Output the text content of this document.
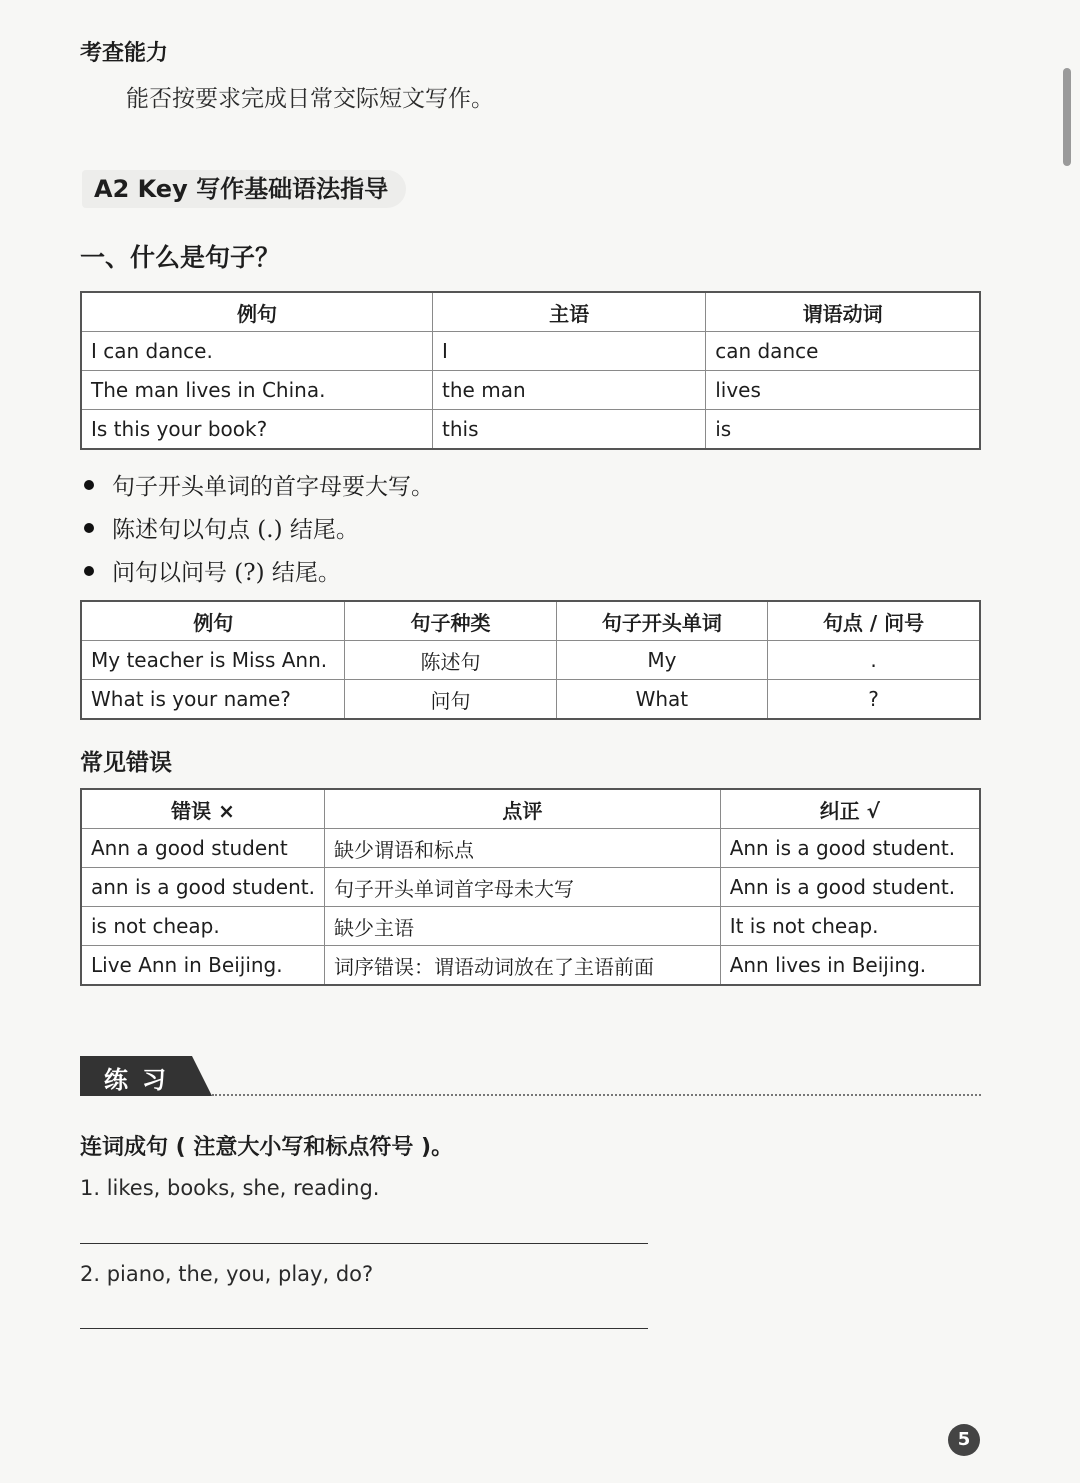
考查能力
能否按要求完成日常交际短文写作。
A2 Key 写作基础语法指导
一、什么是句子？
例句	主语	谓语动词
I can dance.	I	can dance
The man lives in China.	the man	lives
Is this your book?	this	is
句子开头单词的首字母要大写。
陈述句以句点 (.) 结尾。
问句以问号 (?) 结尾。
例句	句子种类	句子开头单词	句点 / 问号
My teacher is Miss Ann.	陈述句	My	.
What is your name?	问句	What	?
常见错误
错误 ×	点评	纠正 √
Ann a good student	缺少谓语和标点	Ann is a good student.
ann is a good student.	句子开头单词首字母未大写	Ann is a good student.
is not cheap.	缺少主语	It is not cheap.
Live Ann in Beijing.	词序错误：谓语动词放在了主语前面	Ann lives in Beijing.
练习
连词成句 ( 注意大小写和标点符号 )。
1. likes, books, she, reading.
2. piano, the, you, play, do?
5
